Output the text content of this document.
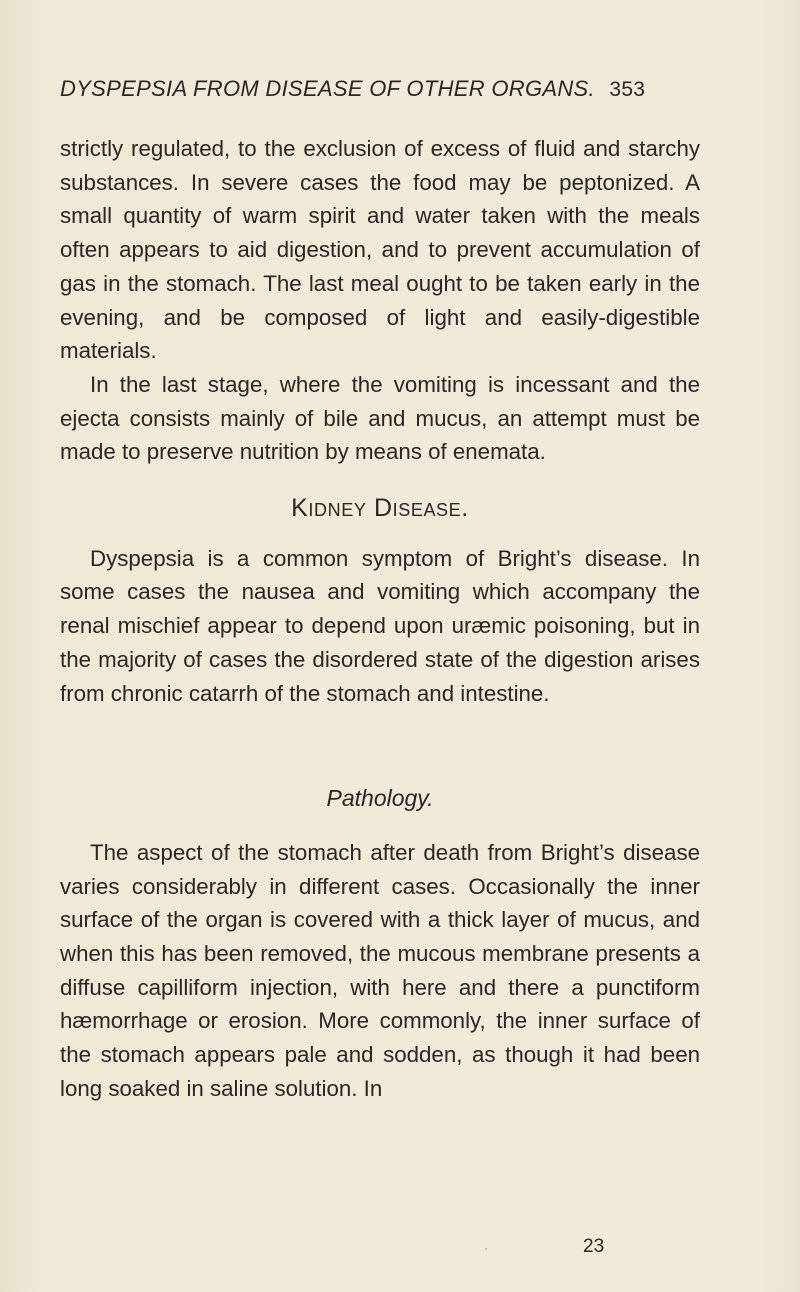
DYSPEPSIA FROM DISEASE OF OTHER ORGANS. 353

strictly regulated, to the exclusion of excess of fluid and starchy substances. In severe cases the food may be peptonized. A small quantity of warm spirit and water taken with the meals often appears to aid digestion, and to prevent accumulation of gas in the stomach. The last meal ought to be taken early in the evening, and be composed of light and easily-digestible materials.

In the last stage, where the vomiting is incessant and the ejecta consists mainly of bile and mucus, an attempt must be made to preserve nutrition by means of enemata.

Kidney Disease.

Dyspepsia is a common symptom of Bright’s disease. In some cases the nausea and vomiting which accompany the renal mischief appear to depend upon uræmic poisoning, but in the majority of cases the disordered state of the digestion arises from chronic catarrh of the stomach and intestine.

Pathology.

The aspect of the stomach after death from Bright’s disease varies considerably in different cases. Occasionally the inner surface of the organ is covered with a thick layer of mucus, and when this has been removed, the mucous membrane presents a diffuse capilliform injection, with here and there a punctiform hæmorrhage or erosion. More commonly, the inner surface of the stomach appears pale and sodden, as though it had been long soaked in saline solution. In

·	23
